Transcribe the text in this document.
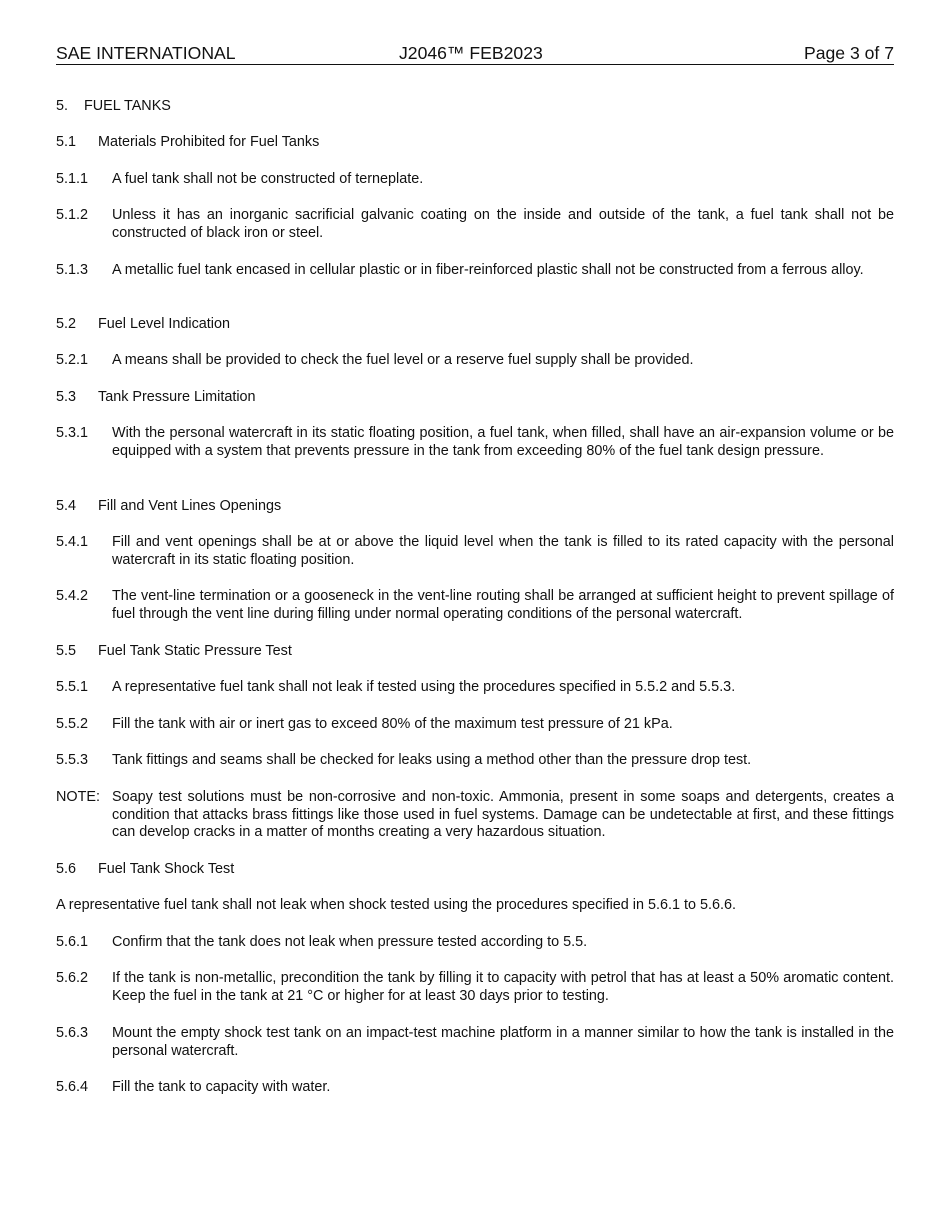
SAE INTERNATIONAL	J2046™ FEB2023	Page 3 of 7
5. FUEL TANKS
5.1 Materials Prohibited for Fuel Tanks
5.1.1 A fuel tank shall not be constructed of terneplate.
5.1.2 Unless it has an inorganic sacrificial galvanic coating on the inside and outside of the tank, a fuel tank shall not be constructed of black iron or steel.
5.1.3 A metallic fuel tank encased in cellular plastic or in fiber-reinforced plastic shall not be constructed from a ferrous alloy.
5.2 Fuel Level Indication
5.2.1 A means shall be provided to check the fuel level or a reserve fuel supply shall be provided.
5.3 Tank Pressure Limitation
5.3.1 With the personal watercraft in its static floating position, a fuel tank, when filled, shall have an air-expansion volume or be equipped with a system that prevents pressure in the tank from exceeding 80% of the fuel tank design pressure.
5.4 Fill and Vent Lines Openings
5.4.1 Fill and vent openings shall be at or above the liquid level when the tank is filled to its rated capacity with the personal watercraft in its static floating position.
5.4.2 The vent-line termination or a gooseneck in the vent-line routing shall be arranged at sufficient height to prevent spillage of fuel through the vent line during filling under normal operating conditions of the personal watercraft.
5.5 Fuel Tank Static Pressure Test
5.5.1 A representative fuel tank shall not leak if tested using the procedures specified in 5.5.2 and 5.5.3.
5.5.2 Fill the tank with air or inert gas to exceed 80% of the maximum test pressure of 21 kPa.
5.5.3 Tank fittings and seams shall be checked for leaks using a method other than the pressure drop test.
NOTE: Soapy test solutions must be non-corrosive and non-toxic. Ammonia, present in some soaps and detergents, creates a condition that attacks brass fittings like those used in fuel systems. Damage can be undetectable at first, and these fittings can develop cracks in a matter of months creating a very hazardous situation.
5.6 Fuel Tank Shock Test
A representative fuel tank shall not leak when shock tested using the procedures specified in 5.6.1 to 5.6.6.
5.6.1 Confirm that the tank does not leak when pressure tested according to 5.5.
5.6.2 If the tank is non-metallic, precondition the tank by filling it to capacity with petrol that has at least a 50% aromatic content. Keep the fuel in the tank at 21 °C or higher for at least 30 days prior to testing.
5.6.3 Mount the empty shock test tank on an impact-test machine platform in a manner similar to how the tank is installed in the personal watercraft.
5.6.4 Fill the tank to capacity with water.
